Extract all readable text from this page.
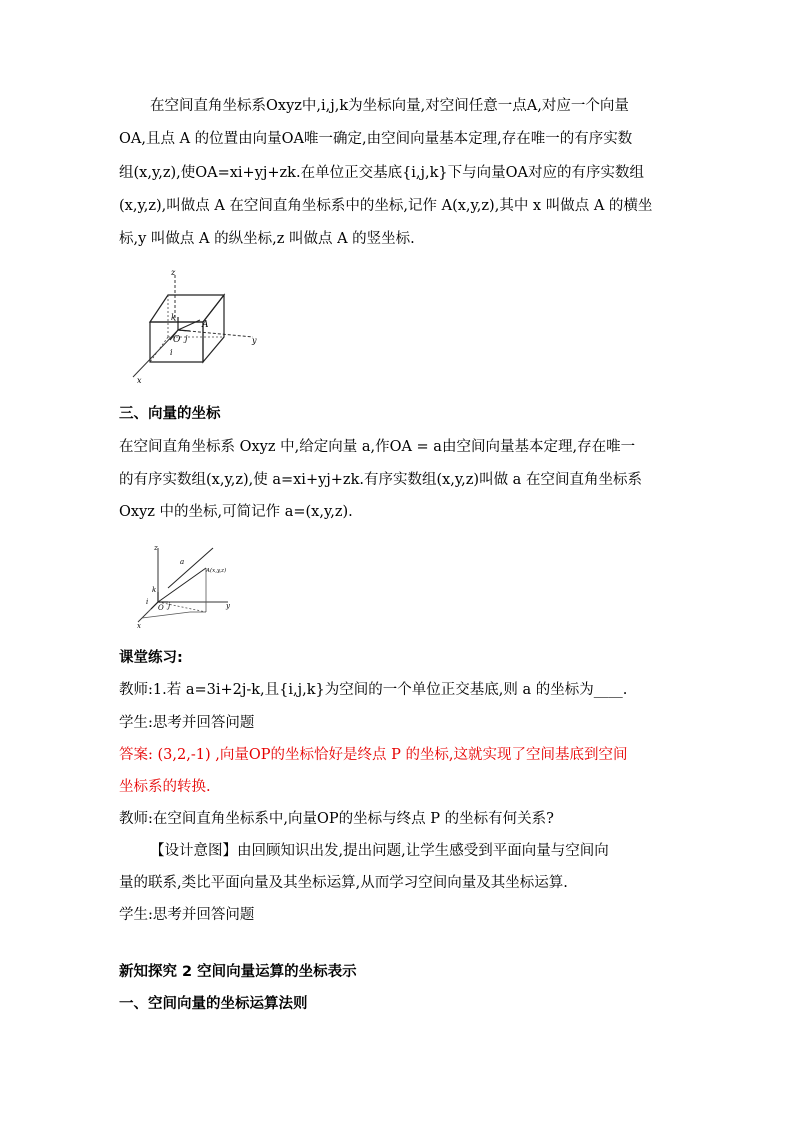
在空间直角坐标系Oxyz中,i,j,k为坐标向量,对空间任意一点A,对应一个向量
OA,且点 A 的位置由向量OA唯一确定,由空间向量基本定理,存在唯一的有序实数
组(x,y,z),使OA=xi+yj+zk.在单位正交基底{i,j,k}下与向量OA对应的有序实数组
(x,y,z),叫做点 A 在空间直角坐标系中的坐标,记作 A(x,y,z),其中 x 叫做点 A 的横坐
标,y 叫做点 A 的纵坐标,z 叫做点 A 的竖坐标.
z
y
x
A
k
i
j
O
三、向量的坐标
在空间直角坐标系 Oxyz 中,给定向量 a,作OA = a由空间向量基本定理,存在唯一
的有序实数组(x,y,z),使 a=xi+yj+zk.有序实数组(x,y,z)叫做 a 在空间直角坐标系
Oxyz 中的坐标,可简记作 a=(x,y,z).
z
a
A(x,y,z)
k
i	j
O	y
x
课堂练习:
教师:1.若 a=3i+2j-k,且{i,j,k}为空间的一个单位正交基底,则 a 的坐标为____.
学生:思考并回答问题
答案: (3,2,-1) ,向量OP的坐标恰好是终点 P 的坐标,这就实现了空间基底到空间
坐标系的转换.
教师:在空间直角坐标系中,向量OP的坐标与终点 P 的坐标有何关系?
【设计意图】由回顾知识出发,提出问题,让学生感受到平面向量与空间向
量的联系,类比平面向量及其坐标运算,从而学习空间向量及其坐标运算.
学生:思考并回答问题
新知探究 2 空间向量运算的坐标表示
一、空间向量的坐标运算法则
